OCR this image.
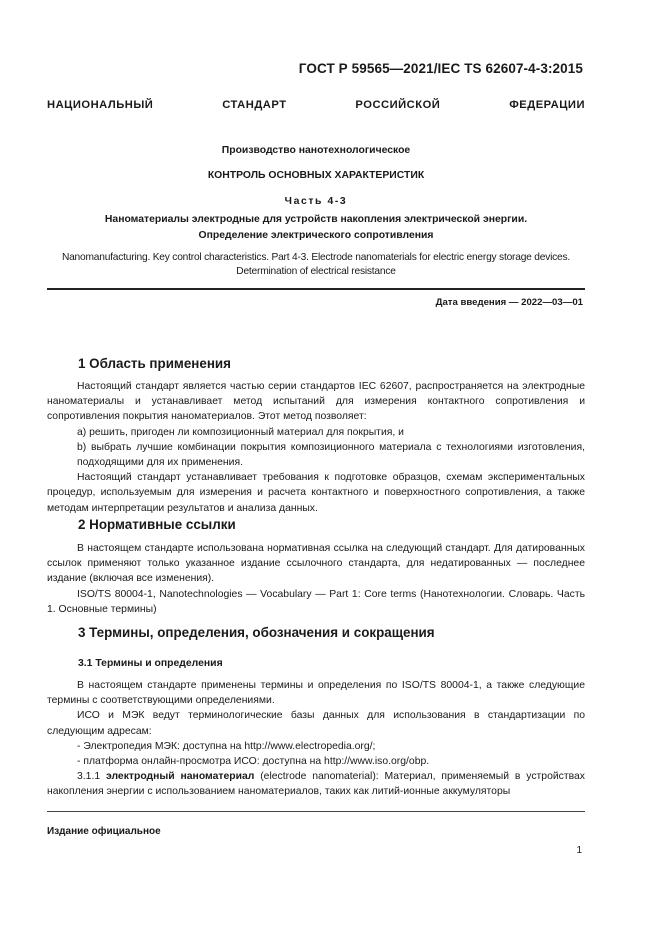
ГОСТ Р 59565—2021/IEC TS 62607-4-3:2015
НАЦИОНАЛЬНЫЙ СТАНДАРТ РОССИЙСКОЙ ФЕДЕРАЦИИ
Производство нанотехнологическое
КОНТРОЛЬ ОСНОВНЫХ ХАРАКТЕРИСТИК
Часть 4-3
Наноматериалы электродные для устройств накопления электрической энергии.
Определение электрического сопротивления
Nanomanufacturing. Key control characteristics. Part 4-3. Electrode nanomaterials for electric energy storage devices.
Determination of electrical resistance
Дата введения — 2022—03—01
1 Область применения

Настоящий стандарт является частью серии стандартов IEC 62607, распространяется на электродные наноматериалы и устанавливает метод испытаний для измерения контактного сопротивления и сопротивления покрытия наноматериалов. Этот метод позволяет:

a) решить, пригоден ли композиционный материал для покрытия, и

b) выбрать лучшие комбинации покрытия композиционного материала с технологиями изготовления, подходящими для их применения.

Настоящий стандарт устанавливает требования к подготовке образцов, схемам экспериментальных процедур, используемым для измерения и расчета контактного и поверхностного сопротивления, а также методам интерпретации результатов и анализа данных.

2 Нормативные ссылки

В настоящем стандарте использована нормативная ссылка на следующий стандарт. Для датированных ссылок применяют только указанное издание ссылочного стандарта, для недатированных — последнее издание (включая все изменения).

ISO/TS 80004-1, Nanotechnologies — Vocabulary — Part 1: Core terms (Нанотехнологии. Словарь. Часть 1. Основные термины)

3 Термины, определения, обозначения и сокращения
3.1 Термины и определения

В настоящем стандарте применены термины и определения по ISO/TS 80004-1, а также следующие термины с соответствующими определениями.

ИСО и МЭК ведут терминологические базы данных для использования в стандартизации по следующим адресам:

- Электропедия МЭК: доступна на http://www.electropedia.org/;

- платформа онлайн-просмотра ИСО: доступна на http://www.iso.org/obp.

3.1.1 электродный наноматериал (electrode nanomaterial): Материал, применяемый в устройствах накопления энергии с использованием наноматериалов, таких как литий-ионные аккумуляторы

Издание официальное
1
